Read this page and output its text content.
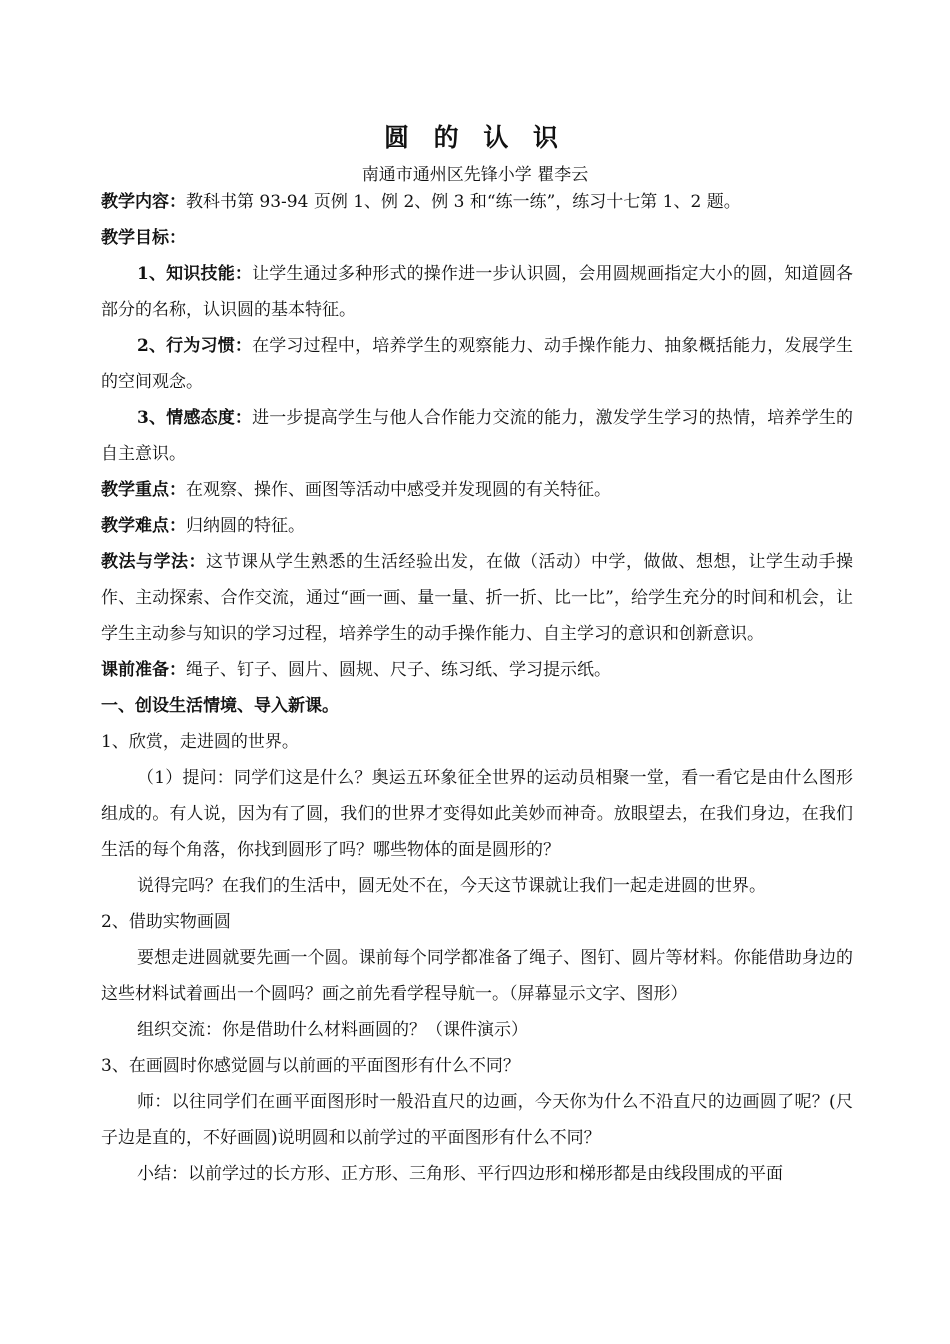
圆 的 认 识
南通市通州区先锋小学 瞿李云

教学内容：教科书第 93-94 页例 1、例 2、例 3 和“练一练”，练习十七第 1、2 题。

教学目标：

1、知识技能：让学生通过多种形式的操作进一步认识圆，会用圆规画指定大小的圆，知道圆各部分的名称，认识圆的基本特征。

2、行为习惯：在学习过程中，培养学生的观察能力、动手操作能力、抽象概括能力，发展学生的空间观念。

3、情感态度：进一步提高学生与他人合作能力交流的能力，激发学生学习的热情，培养学生的自主意识。

教学重点：在观察、操作、画图等活动中感受并发现圆的有关特征。

教学难点：归纳圆的特征。

教法与学法：这节课从学生熟悉的生活经验出发，在做（活动）中学，做做、想想，让学生动手操作、主动探索、合作交流，通过“画一画、量一量、折一折、比一比”，给学生充分的时间和机会，让学生主动参与知识的学习过程，培养学生的动手操作能力、自主学习的意识和创新意识。

课前准备：绳子、钉子、圆片、圆规、尺子、练习纸、学习提示纸。

一、创设生活情境、导入新课。

1、欣赏，走进圆的世界。

（1）提问：同学们这是什么？奥运五环象征全世界的运动员相聚一堂，看一看它是由什么图形组成的。有人说，因为有了圆，我们的世界才变得如此美妙而神奇。放眼望去，在我们身边，在我们生活的每个角落，你找到圆形了吗？哪些物体的面是圆形的？

说得完吗？在我们的生活中，圆无处不在，今天这节课就让我们一起走进圆的世界。

2、借助实物画圆

要想走进圆就要先画一个圆。课前每个同学都准备了绳子、图钉、圆片等材料。你能借助身边的这些材料试着画出一个圆吗？画之前先看学程导航一。（屏幕显示文字、图形）

组织交流：你是借助什么材料画圆的？（课件演示）

3、在画圆时你感觉圆与以前画的平面图形有什么不同？

师：以往同学们在画平面图形时一般沿直尺的边画，今天你为什么不沿直尺的边画圆了呢？(尺子边是直的，不好画圆)说明圆和以前学过的平面图形有什么不同？

小结：以前学过的长方形、正方形、三角形、平行四边形和梯形都是由线段围成的平面
